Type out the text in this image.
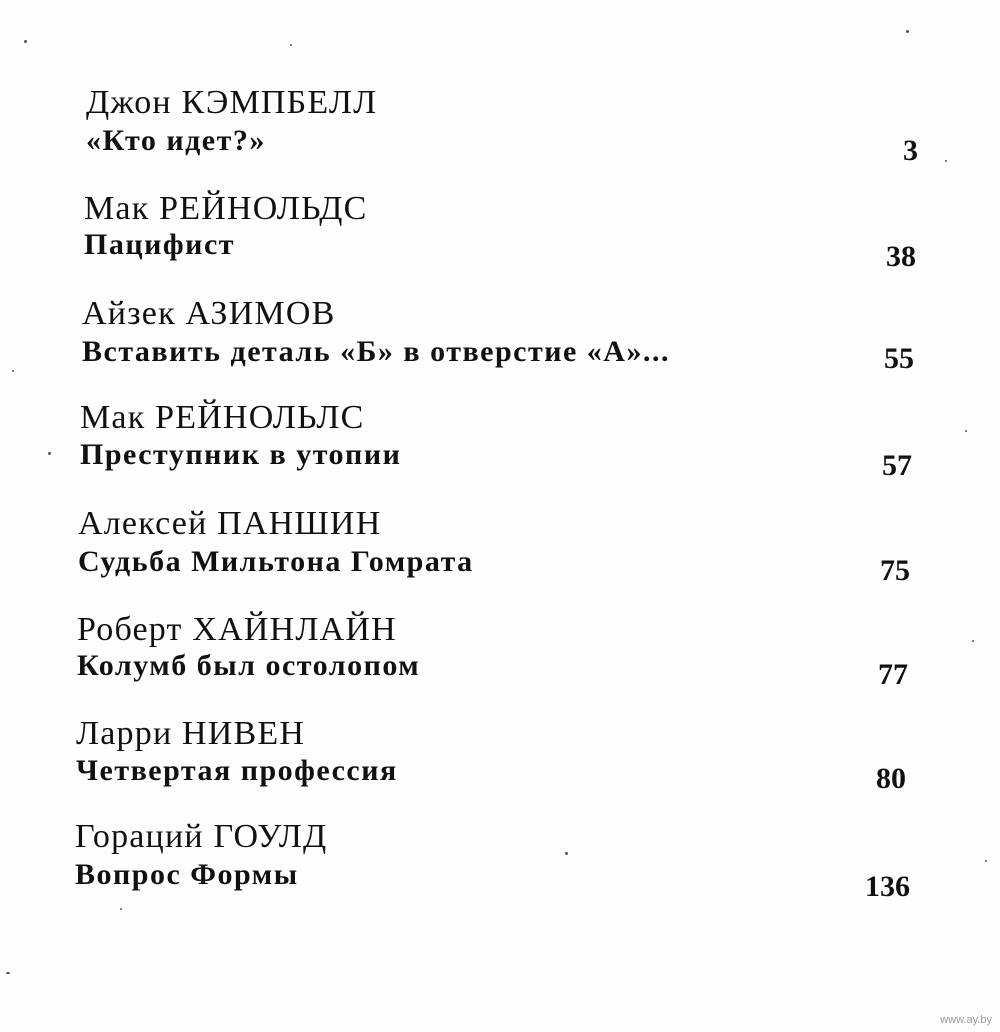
Джон КЭМПБЕЛЛ
«Кто идет?»	3
Мак РЕЙНОЛЬДС
Пацифист	38
Айзек АЗИМОВ
Вставить деталь «Б» в отверстие «А»...	55
Мак РЕЙНОЛЬЛС
Преступник в утопии	57
Алексей ПАНШИН
Судьба Мильтона Гомрата	75
Роберт ХАЙНЛАЙН
Колумб был остолопом	77
Ларри НИВЕН
Четвертая профессия	80
Гораций ГОУЛД
Вопрос Формы	136
www.ay.by
